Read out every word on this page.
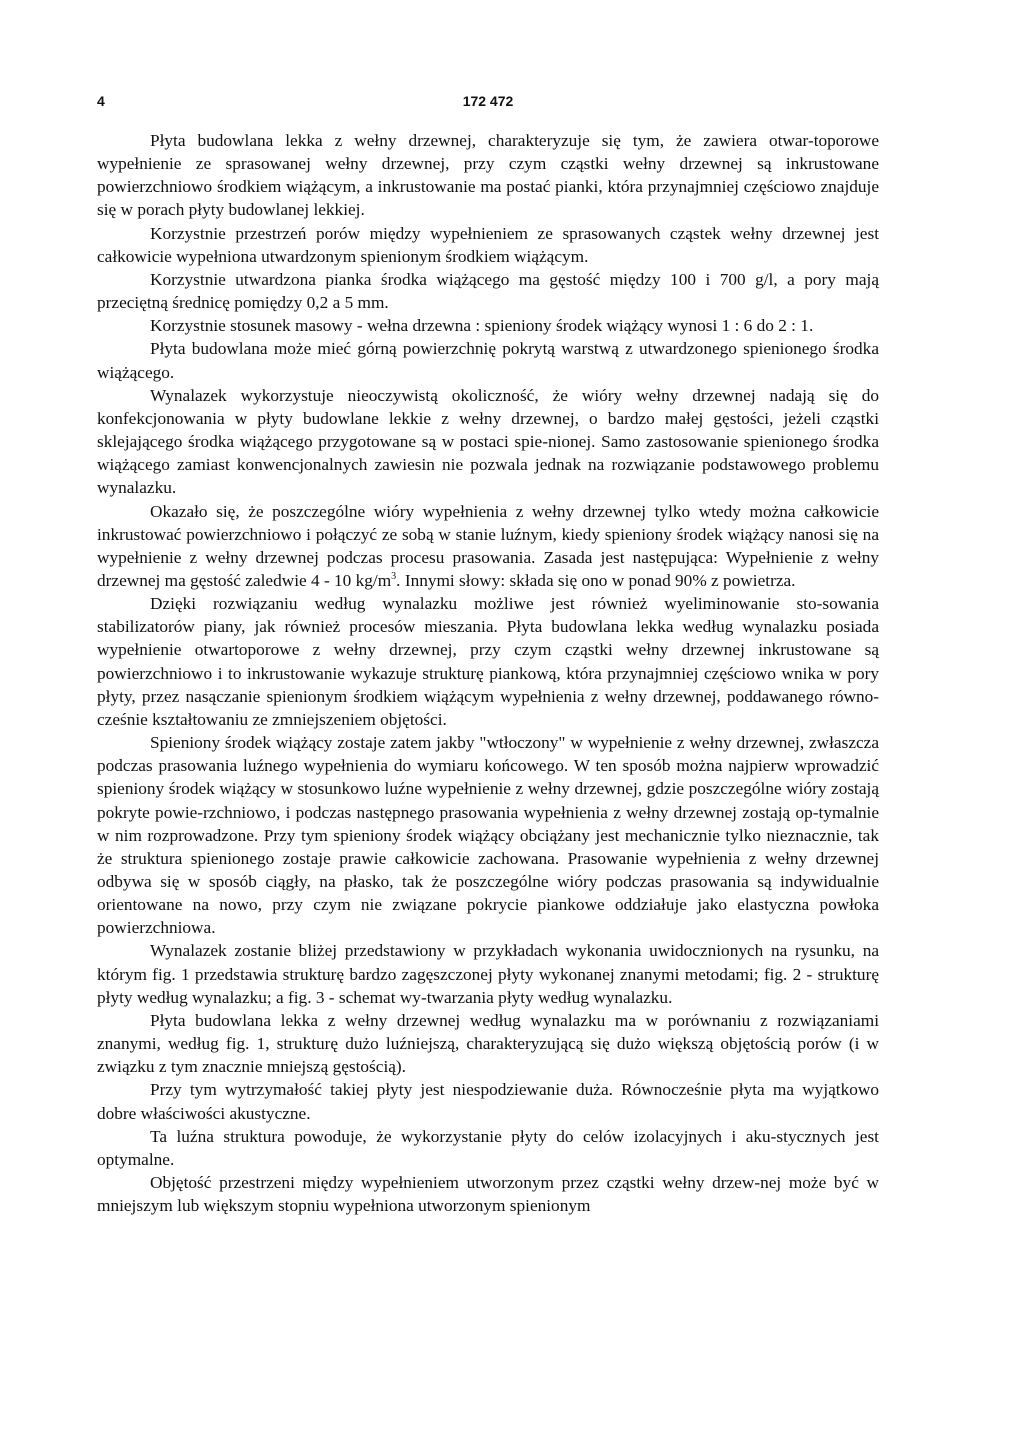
4	172 472

Płyta budowlana lekka z wełny drzewnej, charakteryzuje się tym, że zawiera otwar-toporowe wypełnienie ze sprasowanej wełny drzewnej, przy czym cząstki wełny drzewnej są inkrustowane powierzchniowo środkiem wiążącym, a inkrustowanie ma postać pianki, która przynajmniej częściowo znajduje się w porach płyty budowlanej lekkiej.

Korzystnie przestrzeń porów między wypełnieniem ze sprasowanych cząstek wełny drzewnej jest całkowicie wypełniona utwardzonym spienionym środkiem wiążącym.

Korzystnie utwardzona pianka środka wiążącego ma gęstość między 100 i 700 g/l, a pory mają przeciętną średnicę pomiędzy 0,2 a 5 mm.

Korzystnie stosunek masowy - wełna drzewna : spieniony środek wiążący wynosi 1 : 6 do 2 : 1.

Płyta budowlana może mieć górną powierzchnię pokrytą warstwą z utwardzonego spienionego środka wiążącego.

Wynalazek wykorzystuje nieoczywistą okoliczność, że wióry wełny drzewnej nadają się do konfekcjonowania w płyty budowlane lekkie z wełny drzewnej, o bardzo małej gęstości, jeżeli cząstki sklejającego środka wiążącego przygotowane są w postaci spie-nionej. Samo zastosowanie spienionego środka wiążącego zamiast konwencjonalnych zawiesin nie pozwala jednak na rozwiązanie podstawowego problemu wynalazku.

Okazało się, że poszczególne wióry wypełnienia z wełny drzewnej tylko wtedy można całkowicie inkrustować powierzchniowo i połączyć ze sobą w stanie luźnym, kiedy spieniony środek wiążący nanosi się na wypełnienie z wełny drzewnej podczas procesu prasowania. Zasada jest następująca: Wypełnienie z wełny drzewnej ma gęstość zaledwie 4 - 10 $kg/m^3$. Innymi słowy: składa się ono w ponad 90% z powietrza.

Dzięki rozwiązaniu według wynalazku możliwe jest również wyeliminowanie sto-sowania stabilizatorów piany, jak również procesów mieszania. Płyta budowlana lekka według wynalazku posiada wypełnienie otwartoporowe z wełny drzewnej, przy czym cząstki wełny drzewnej inkrustowane są powierzchniowo i to inkrustowanie wykazuje strukturę piankową, która przynajmniej częściowo wnika w pory płyty, przez nasączanie spienionym środkiem wiążącym wypełnienia z wełny drzewnej, poddawanego równo-cześnie kształtowaniu ze zmniejszeniem objętości.

Spieniony środek wiążący zostaje zatem jakby "wtłoczony" w wypełnienie z wełny drzewnej, zwłaszcza podczas prasowania luźnego wypełnienia do wymiaru końcowego. W ten sposób można najpierw wprowadzić spieniony środek wiążący w stosunkowo luźne wypełnienie z wełny drzewnej, gdzie poszczególne wióry zostają pokryte powie-rzchniowo, i podczas następnego prasowania wypełnienia z wełny drzewnej zostają op-tymalnie w nim rozprowadzone. Przy tym spieniony środek wiążący obciążany jest mechanicznie tylko nieznacznie, tak że struktura spienionego zostaje prawie całkowicie zachowana. Prasowanie wypełnienia z wełny drzewnej odbywa się w sposób ciągły, na płasko, tak że poszczególne wióry podczas prasowania są indywidualnie orientowane na nowo, przy czym nie związane pokrycie piankowe oddziałuje jako elastyczna powłoka powierzchniowa.

Wynalazek zostanie bliżej przedstawiony w przykładach wykonania uwidocznionych na rysunku, na którym fig. 1 przedstawia strukturę bardzo zagęszczonej płyty wykonanej znanymi metodami; fig. 2 - strukturę płyty według wynalazku; a fig. 3 - schemat wy-twarzania płyty według wynalazku.

Płyta budowlana lekka z wełny drzewnej według wynalazku ma w porównaniu z rozwiązaniami znanymi, według fig. 1, strukturę dużo luźniejszą, charakteryzującą się dużo większą objętością porów (i w związku z tym znacznie mniejszą gęstością).

Przy tym wytrzymałość takiej płyty jest niespodziewanie duża. Równocześnie płyta ma wyjątkowo dobre właściwości akustyczne.

Ta luźna struktura powoduje, że wykorzystanie płyty do celów izolacyjnych i aku-stycznych jest optymalne.

Objętość przestrzeni między wypełnieniem utworzonym przez cząstki wełny drzew-nej może być w mniejszym lub większym stopniu wypełniona utworzonym spienionym
